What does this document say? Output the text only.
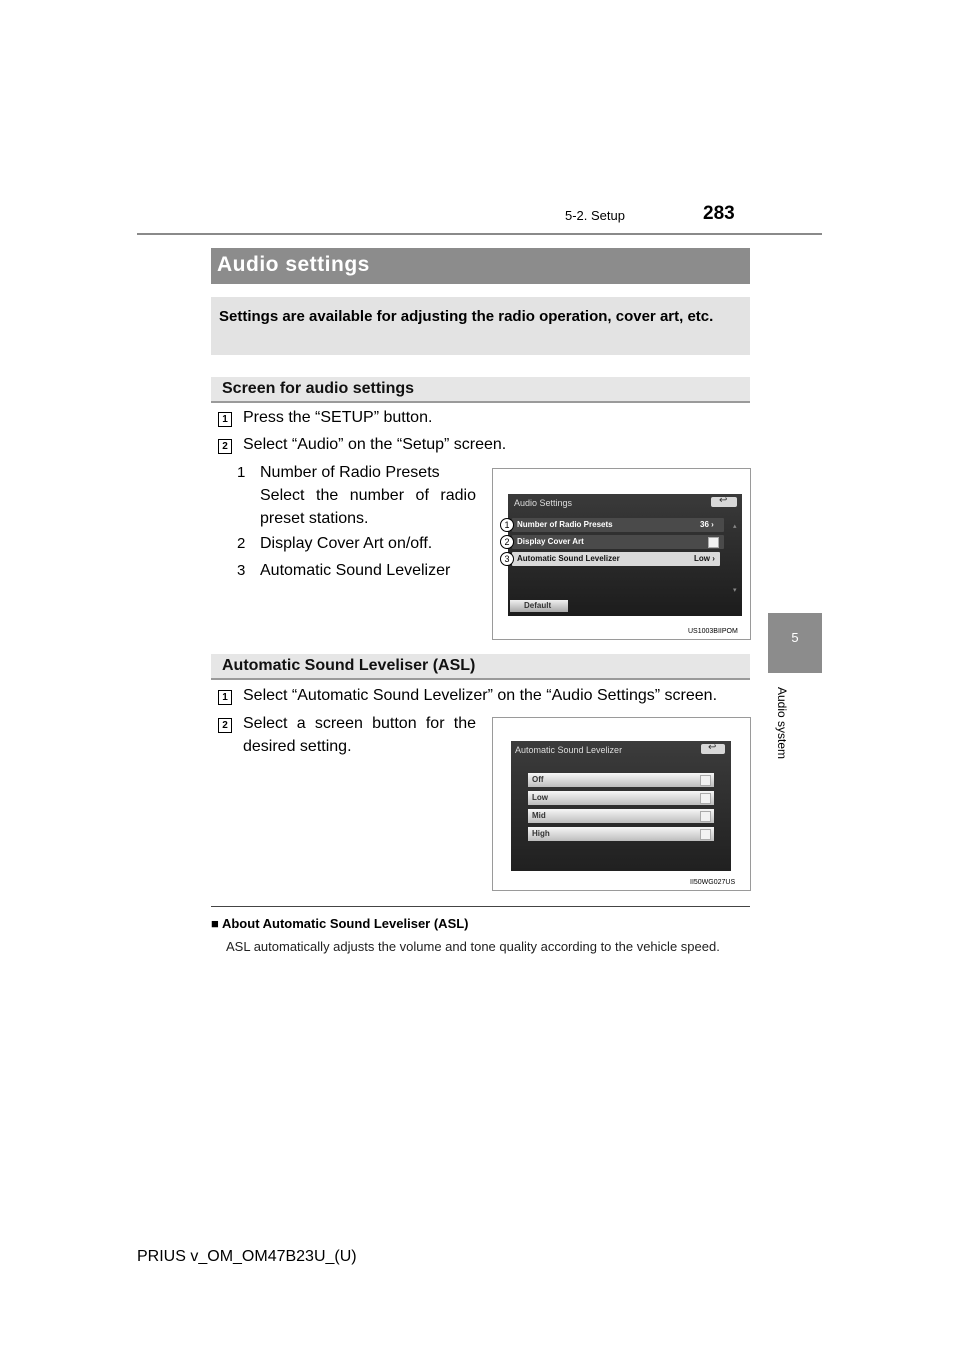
5-2. Setup	283
5
Audio system
Audio settings
Settings are available for adjusting the radio operation, cover art, etc.
Screen for audio settings
1 Press the “SETUP” button.
2 Select “Audio” on the “Setup” screen.
1 Number of Radio Presets
Select the number of radio
preset stations.
2 Display Cover Art on/off.
3 Automatic Sound Levelizer
Audio Settings	↩
Number of Radio Presets	36 ›
Display Cover Art
Automatic Sound Levelizer	Low ›
▴
▾
Default
1
2
3
US1003BIIPOM
Automatic Sound Leveliser (ASL)
1 Select “Automatic Sound Levelizer” on the “Audio Settings” screen.
2 Select a screen button for the
desired setting.	Automatic Sound Levelizer	↩
Off
Low
Mid
High
II50WG027US
■ About Automatic Sound Leveliser (ASL)
ASL automatically adjusts the volume and tone quality according to the vehicle speed.
PRIUS v_OM_OM47B23U_(U)
